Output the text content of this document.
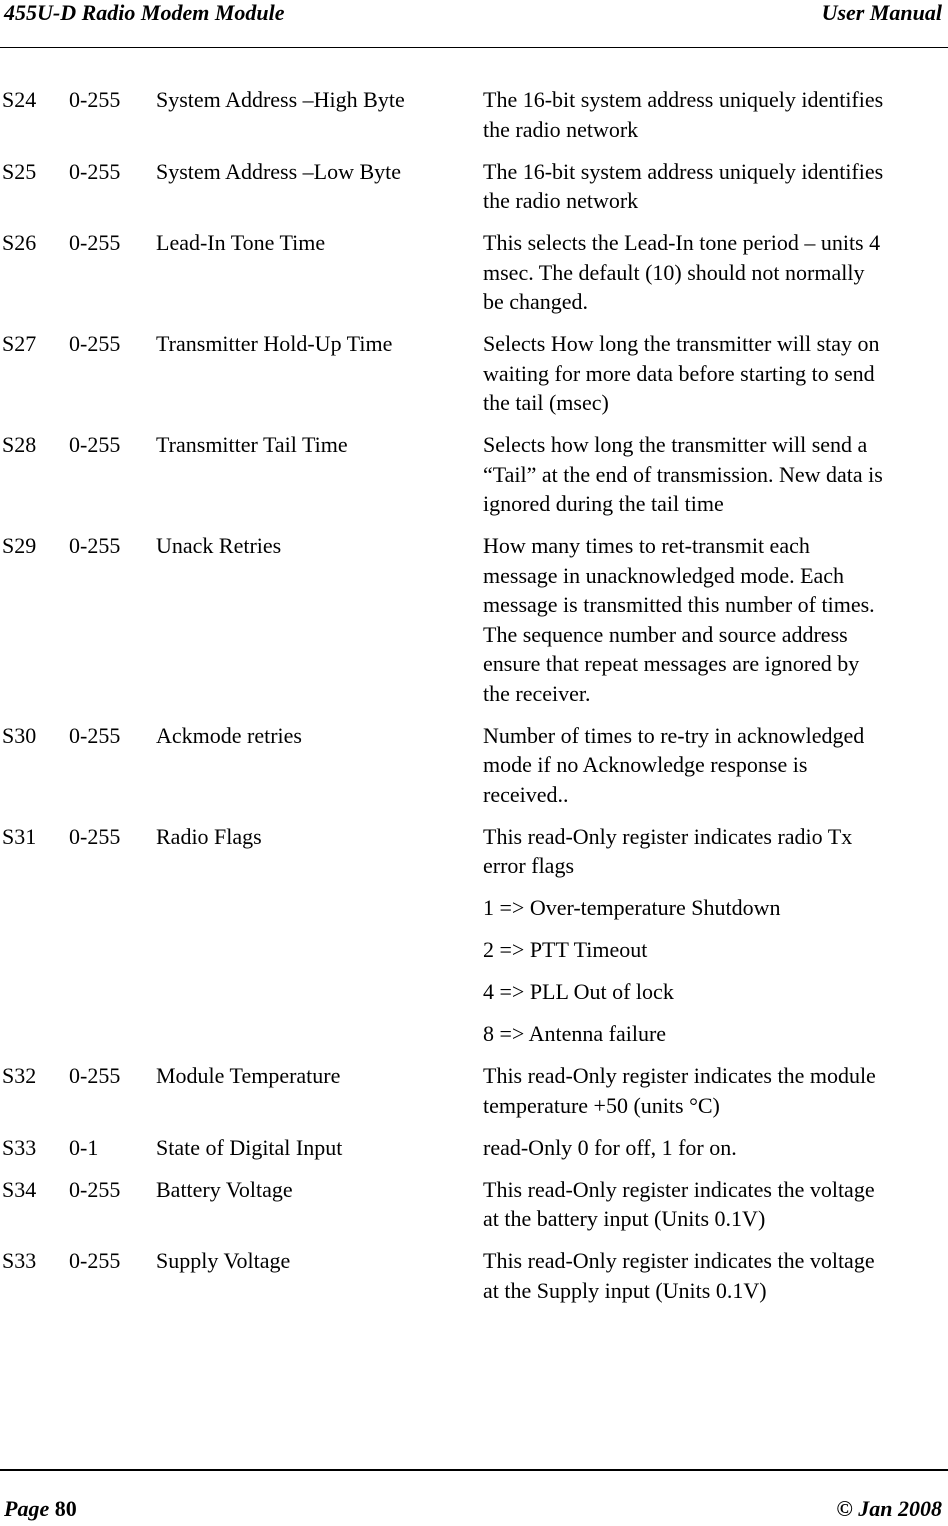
455U-D Radio Modem Module	User Manual
S24 0-255 System Address –High Byte	The 16-bit system address uniquely identifies
the radio network
S25 0-255 System Address –Low Byte	The 16-bit system address uniquely identifies
the radio network
S26 0-255 Lead-In Tone Time	This selects the Lead-In tone period – units 4
msec. The default (10) should not normally
be changed.
S27 0-255 Transmitter Hold-Up Time	Selects How long the transmitter will stay on
waiting for more data before starting to send
the tail (msec)
S28 0-255 Transmitter Tail Time	Selects how long the transmitter will send a
“Tail” at the end of transmission. New data is
ignored during the tail time
S29 0-255 Unack Retries	How many times to ret-transmit each
message in unacknowledged mode. Each
message is transmitted this number of times.
The sequence number and source address
ensure that repeat messages are ignored by
the receiver.
S30 0-255 Ackmode retries	Number of times to re-try in acknowledged
mode if no Acknowledge response is
received..
S31 0-255 Radio Flags	This read-Only register indicates radio Tx
error flags
1 => Over-temperature Shutdown
2 => PTT Timeout
4 => PLL Out of lock
8 => Antenna failure
S32 0-255 Module Temperature	This read-Only register indicates the module
temperature +50 (units °C)
S33 0-1	State of Digital Input	read-Only 0 for off, 1 for on.
S34 0-255 Battery Voltage	This read-Only register indicates the voltage
at the battery input (Units 0.1V)
S33 0-255 Supply Voltage	This read-Only register indicates the voltage
at the Supply input (Units 0.1V)
Page 80	© Jan 2008
